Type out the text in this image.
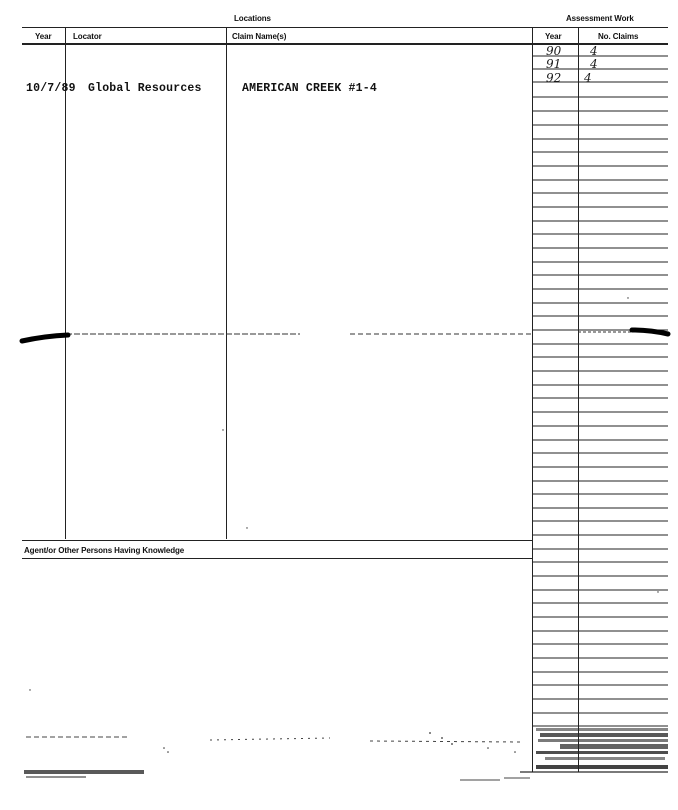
Locations	Assessment Work
Year	Locator	Claim Name(s)	Year	No. Claims
Agent/or Other Persons Having Knowledge
10/7/89 Global Resources	AMERICAN CREEK #1-4
90 4
91 4
92 4
